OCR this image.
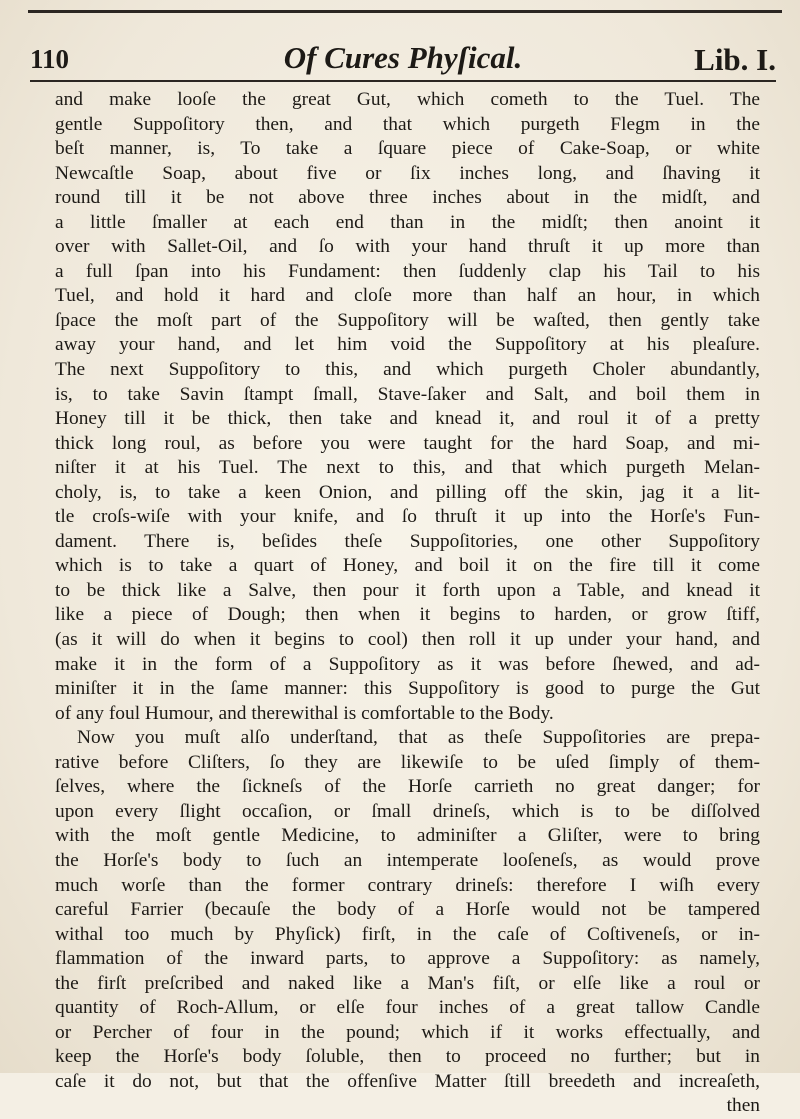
110	Of Cures Phyſical.	Lib. I.
and make looſe the great Gut, which cometh to the Tuel. The
gentle Suppoſitory then, and that which purgeth Flegm in the
beſt manner, is, To take a ſquare piece of Cake-Soap, or white
Newcaſtle Soap, about five or ſix inches long, and ſhaving it
round till it be not above three inches about in the midſt, and
a little ſmaller at each end than in the midſt; then anoint it
over with Sallet-Oil, and ſo with your hand thruſt it up more than
a full ſpan into his Fundament: then ſuddenly clap his Tail to his
Tuel, and hold it hard and cloſe more than half an hour, in which
ſpace the moſt part of the Suppoſitory will be waſted, then gently take
away your hand, and let him void the Suppoſitory at his pleaſure.
The next Suppoſitory to this, and which purgeth Choler abundantly,
is, to take Savin ſtampt ſmall, Stave-ſaker and Salt, and boil them in
Honey till it be thick, then take and knead it, and roul it of a pretty
thick long roul, as before you were taught for the hard Soap, and mi-
niſter it at his Tuel. The next to this, and that which purgeth Melan-
choly, is, to take a keen Onion, and pilling off the skin, jag it a lit-
tle croſs-wiſe with your knife, and ſo thruſt it up into the Horſe's Fun-
dament. There is, beſides theſe Suppoſitories, one other Suppoſitory
which is to take a quart of Honey, and boil it on the fire till it come
to be thick like a Salve, then pour it forth upon a Table, and knead it
like a piece of Dough; then when it begins to harden, or grow ſtiff,
(as it will do when it begins to cool) then roll it up under your hand, and
make it in the form of a Suppoſitory as it was before ſhewed, and ad-
miniſter it in the ſame manner: this Suppoſitory is good to purge the Gut
of any foul Humour, and therewithal is comfortable to the Body.
Now you muſt alſo underſtand, that as theſe Suppoſitories are prepa-
rative before Cliſters, ſo they are likewiſe to be uſed ſimply of them-
ſelves, where the ſickneſs of the Horſe carrieth no great danger; for
upon every ſlight occaſion, or ſmall drineſs, which is to be diſſolved
with the moſt gentle Medicine, to adminiſter a Gliſter, were to bring
the Horſe's body to ſuch an intemperate looſeneſs, as would prove
much worſe than the former contrary drineſs: therefore I wiſh every
careful Farrier (becauſe the body of a Horſe would not be tampered
withal too much by Phyſick) firſt, in the caſe of Coſtiveneſs, or in-
flammation of the inward parts, to approve a Suppoſitory: as namely,
the firſt preſcribed and naked like a Man's fiſt, or elſe like a roul or
quantity of Roch-Allum, or elſe four inches of a great tallow Candle
or Percher of four in the pound; which if it works effectually, and
keep the Horſe's body ſoluble, then to proceed no further; but in
caſe it do not, but that the offenſive Matter ſtill breedeth and increaſeth,
then
